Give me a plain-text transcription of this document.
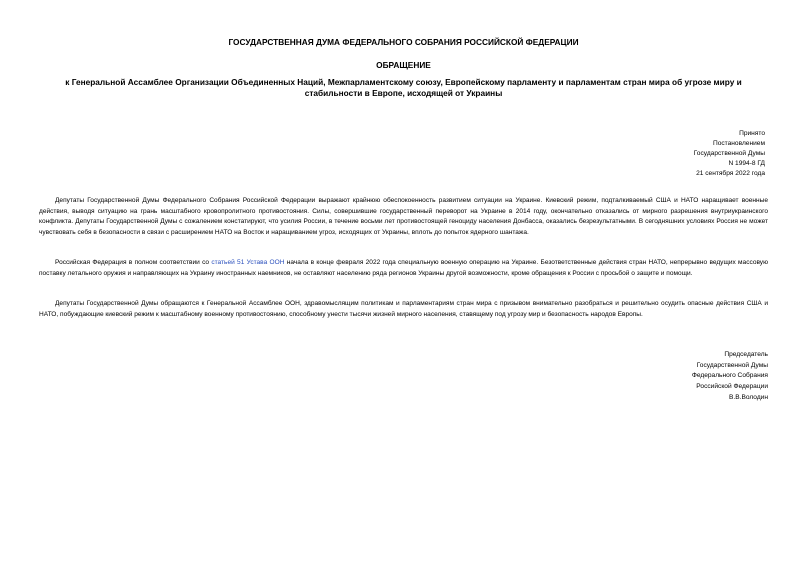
ГОСУДАРСТВЕННАЯ ДУМА ФЕДЕРАЛЬНОГО СОБРАНИЯ РОССИЙСКОЙ ФЕДЕРАЦИИ
ОБРАЩЕНИЕ
к Генеральной Ассамблее Организации Объединенных Наций, Межпарламентскому союзу, Европейскому парламенту и парламентам стран мира об угрозе миру и стабильности в Европе, исходящей от Украины
Принято
Постановлением
Государственной Думы
N 1994-8 ГД
21 сентября 2022 года

Депутаты Государственной Думы Федерального Собрания Российской Федерации выражают крайнюю обеспокоенность развитием ситуации на Украине. Киевский режим, подталкиваемый США и НАТО наращивает военные действия, выводя ситуацию на грань масштабного кровопролитного противостояния. Силы, совершившие государственный переворот на Украине в 2014 году, окончательно отказались от мирного разрешения внутриукраинского конфликта. Депутаты Государственной Думы с сожалением констатируют, что усилия России, в течение восьми лет противостоящей геноциду населения Донбасса, оказались безрезультатными. В сегодняшних условиях Россия не может чувствовать себя в безопасности в связи с расширением НАТО на Восток и наращиванием угроз, исходящих от Украины, вплоть до попыток ядерного шантажа.

Российская Федерация в полном соответствии со статьей 51 Устава ООН начала в конце февраля 2022 года специальную военную операцию на Украине. Безответственные действия стран НАТО, непрерывно ведущих массовую поставку летального оружия и направляющих на Украину иностранных наемников, не оставляют населению ряда регионов Украины другой возможности, кроме обращения к России с просьбой о защите и помощи.

Депутаты Государственной Думы обращаются к Генеральной Ассамблее ООН, здравомыслящим политикам и парламентариям стран мира с призывом внимательно разобраться и решительно осудить опасные действия США и НАТО, побуждающие киевский режим к масштабному военному противостоянию, способному унести тысячи жизней мирного населения, ставящему под угрозу мир и безопасность народов Европы.

Председатель
Государственной Думы
Федерального Собрания
Российской Федерации
В.В.Володин
